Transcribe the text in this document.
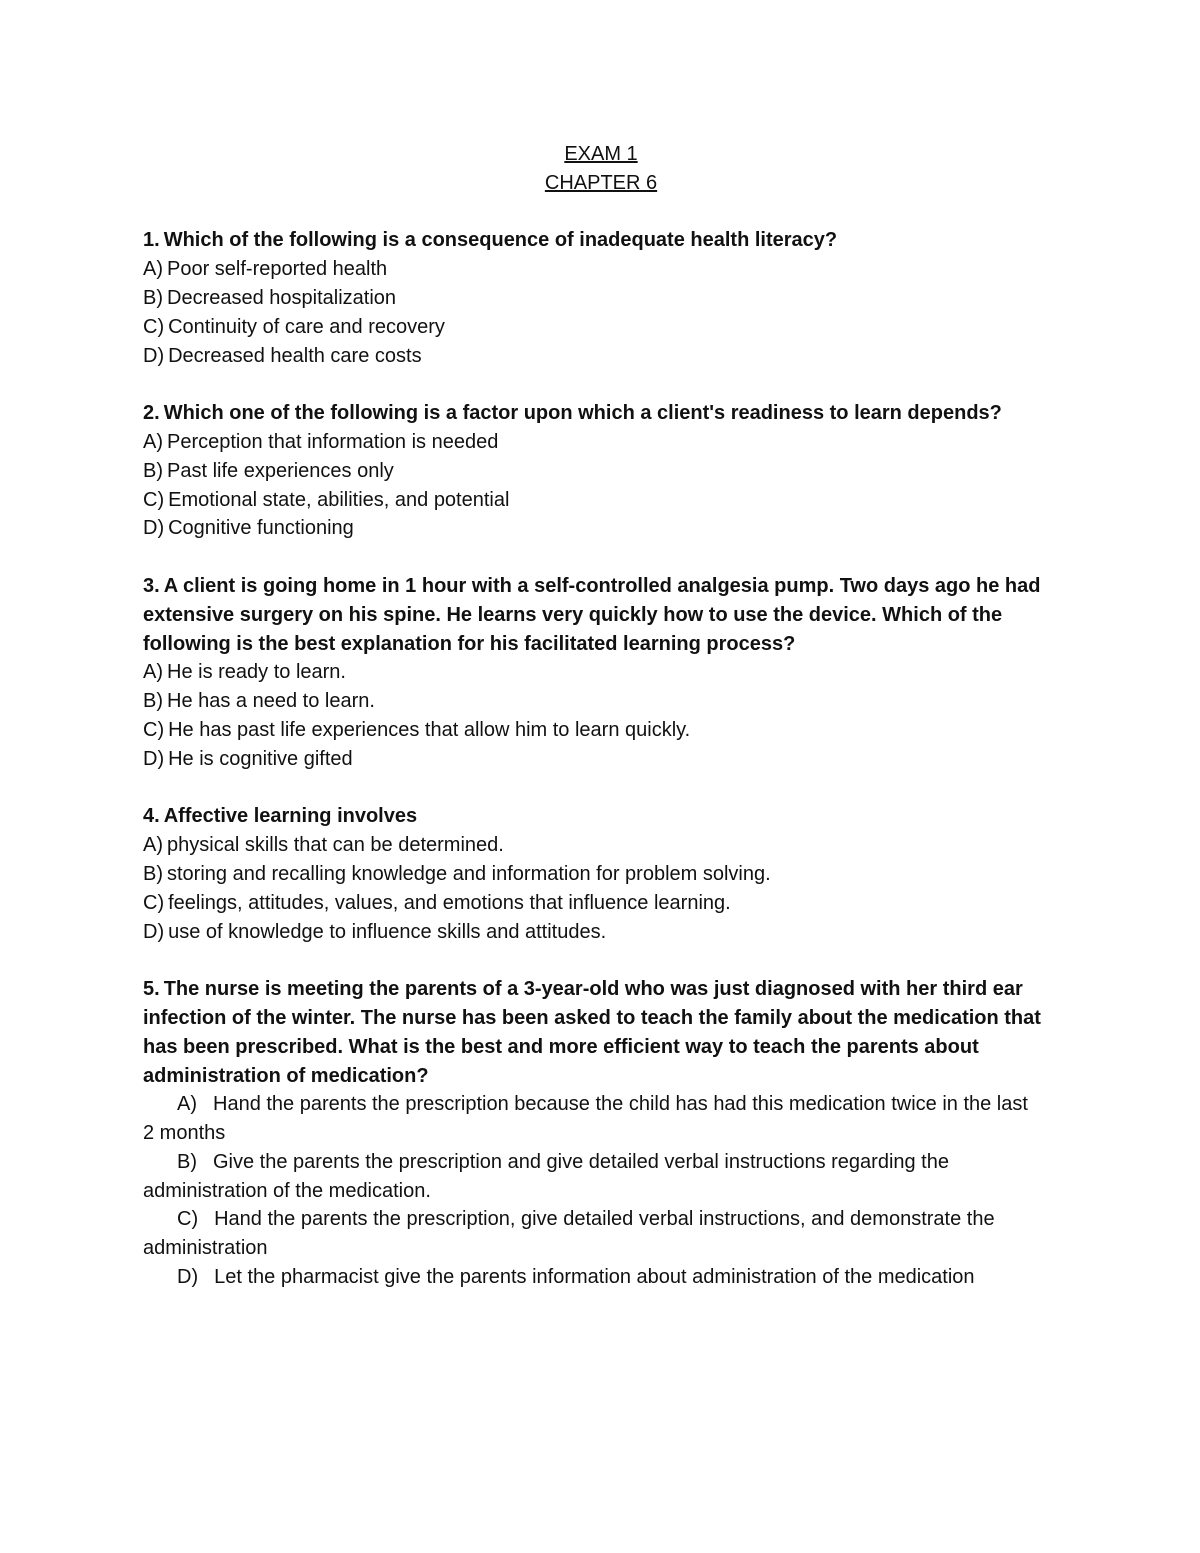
EXAM 1
CHAPTER 6
1. Which of the following is a consequence of inadequate health literacy?
A) Poor self-reported health
B) Decreased hospitalization
C) Continuity of care and recovery
D) Decreased health care costs
2. Which one of the following is a factor upon which a client's readiness to learn depends?
A) Perception that information is needed
B) Past life experiences only
C) Emotional state, abilities, and potential
D) Cognitive functioning
3. A client is going home in 1 hour with a self-controlled analgesia pump. Two days ago he had extensive surgery on his spine. He learns very quickly how to use the device. Which of the following is the best explanation for his facilitated learning process?
A) He is ready to learn.
B) He has a need to learn.
C) He has past life experiences that allow him to learn quickly.
D) He is cognitive gifted
4. Affective learning involves
A) physical skills that can be determined.
B) storing and recalling knowledge and information for problem solving.
C) feelings, attitudes, values, and emotions that influence learning.
D) use of knowledge to influence skills and attitudes.
5. The nurse is meeting the parents of a 3-year-old who was just diagnosed with her third ear infection of the winter. The nurse has been asked to teach the family about the medication that has been prescribed. What is the best and more efficient way to teach the parents about administration of medication?
A) Hand the parents the prescription because the child has had this medication twice in the last 2 months
B) Give the parents the prescription and give detailed verbal instructions regarding the administration of the medication.
C) Hand the parents the prescription, give detailed verbal instructions, and demonstrate the administration
D) Let the pharmacist give the parents information about administration of the medication
